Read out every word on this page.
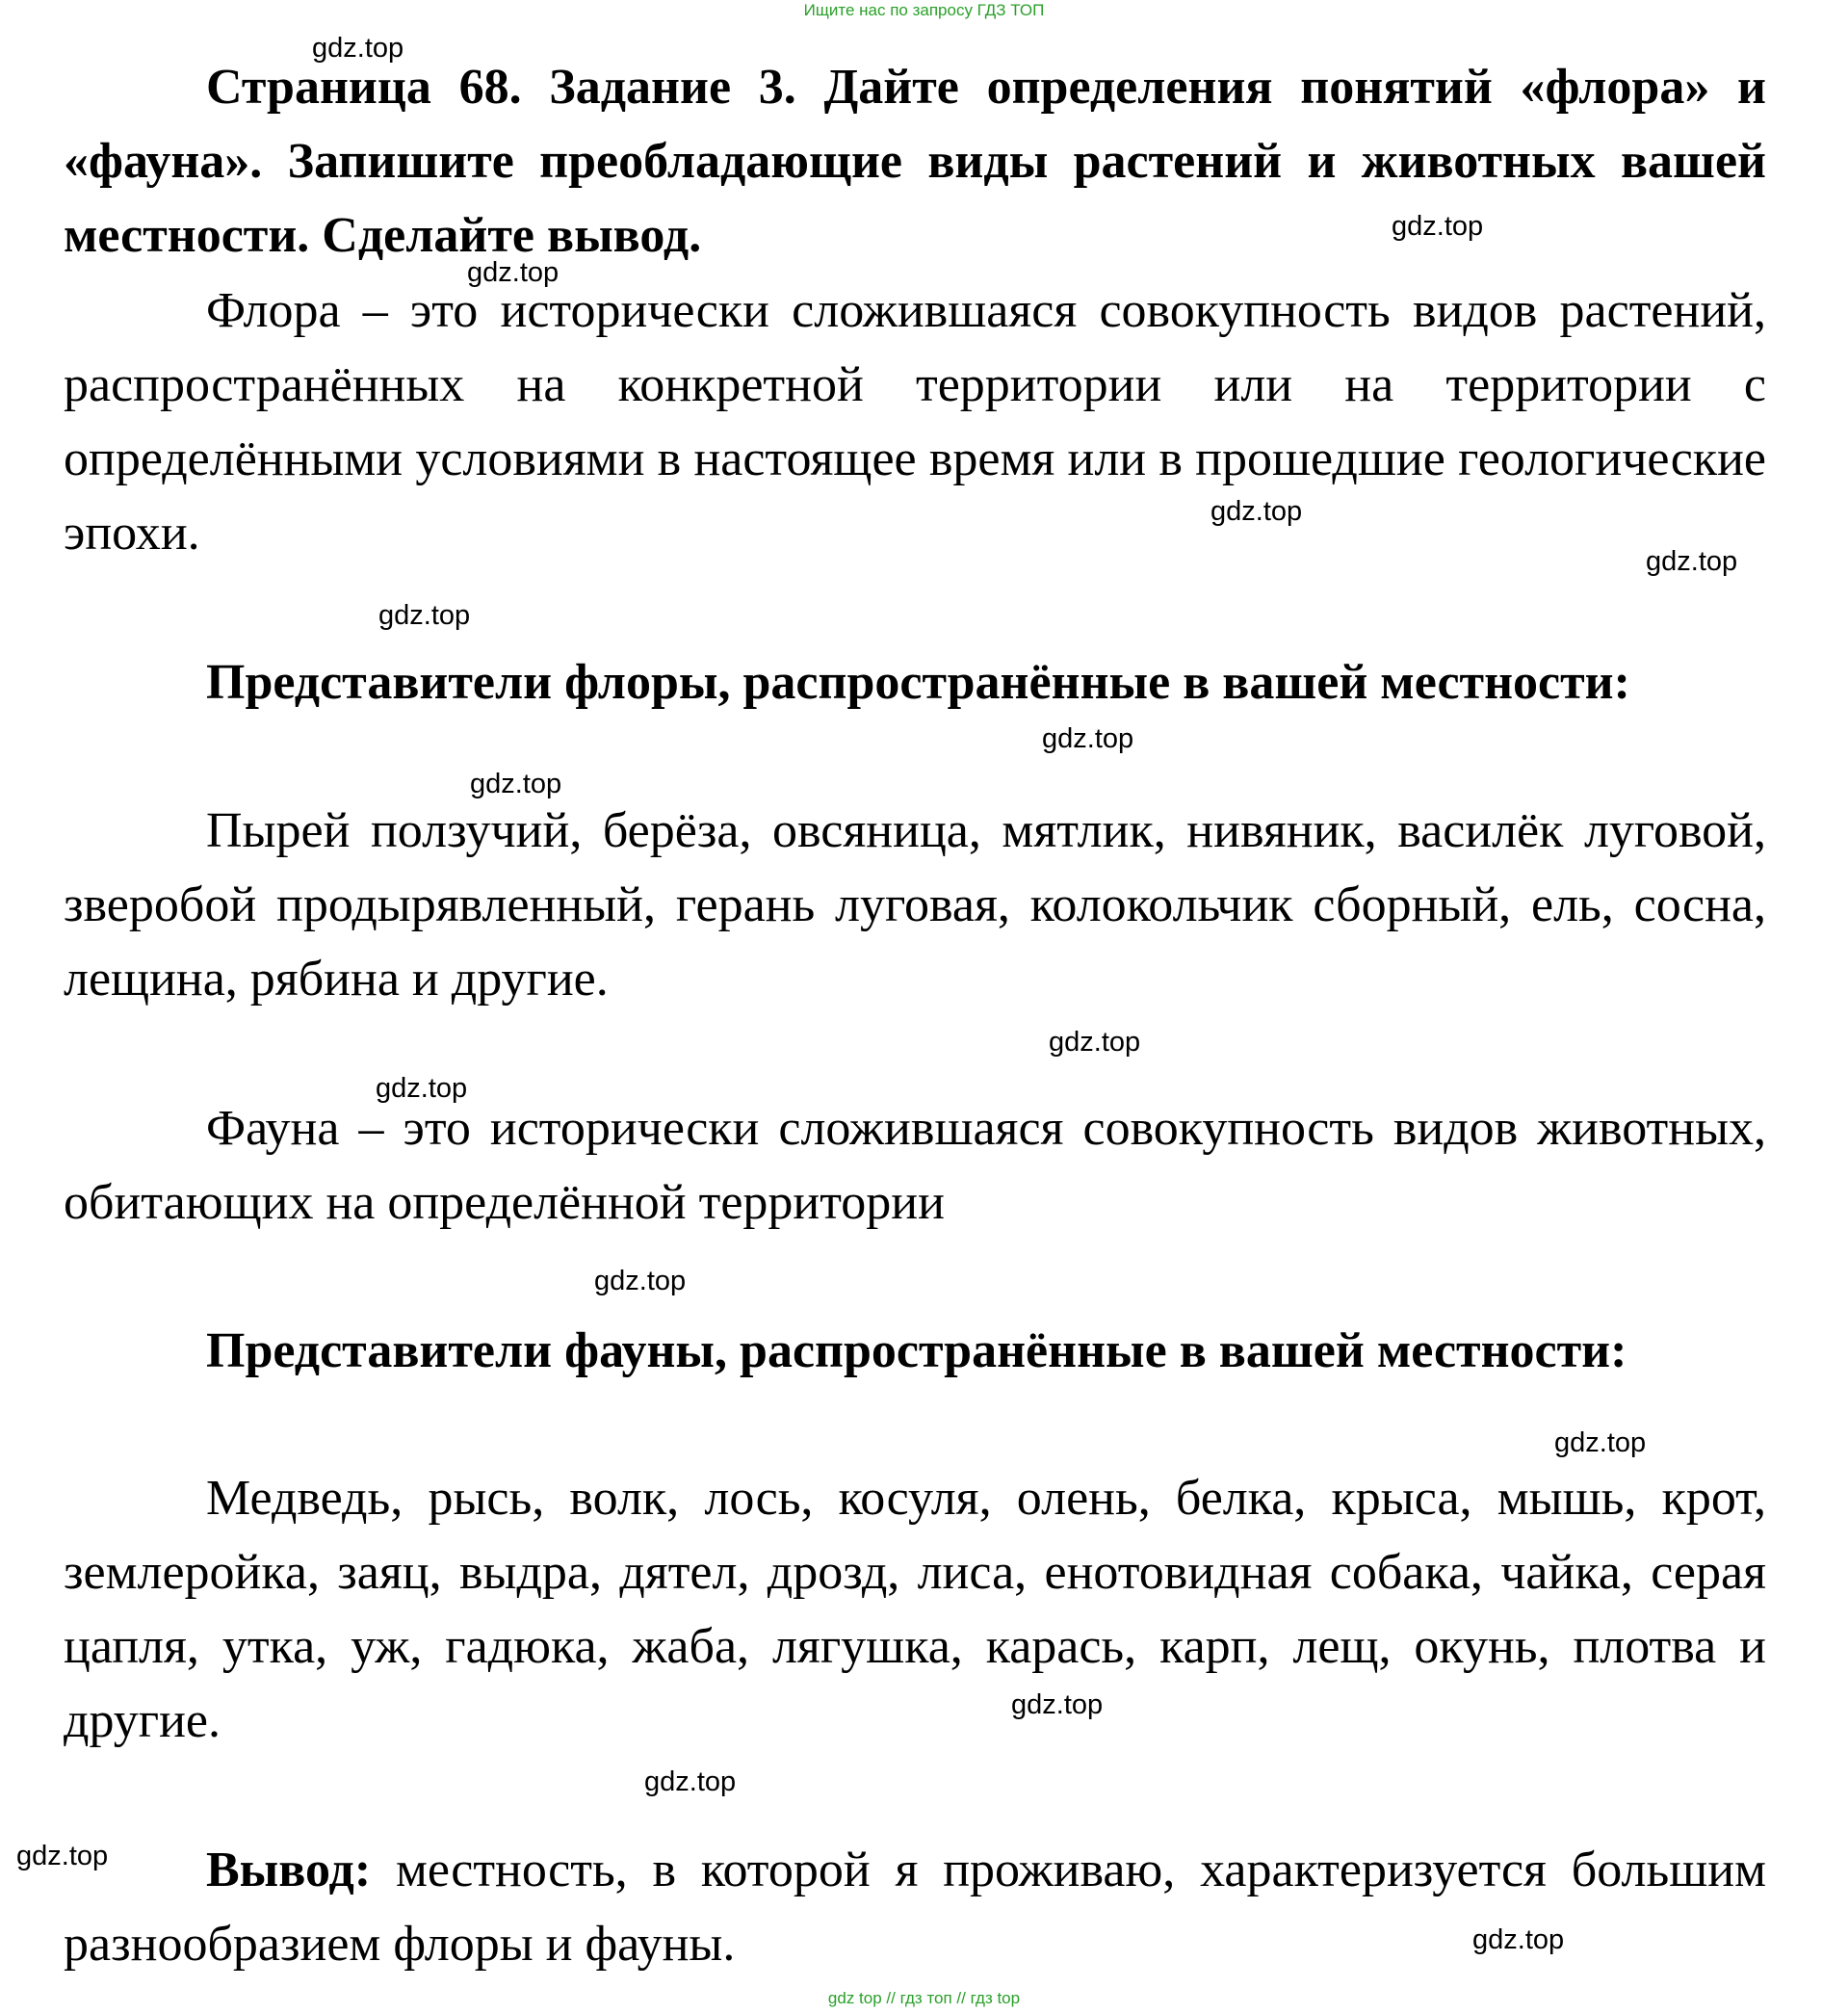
Ищите нас по запросу ГДЗ ТОП

Страница 68. Задание 3. Дайте определения понятий «флора» и «фауна». Запишите преобладающие виды растений и животных вашей местности. Сделайте вывод.

Флора – это исторически сложившаяся совокупность видов растений, распространённых на конкретной территории или на территории с определёнными условиями в настоящее время или в прошедшие геологические эпохи.

Представители флоры, распространённые в вашей местности:

Пырей ползучий, берёза, овсяница, мятлик, нивяник, василёк луговой, зверобой продырявленный, герань луговая, колокольчик сборный, ель, сосна, лещина, рябина и другие.

Фауна – это исторически сложившаяся совокупность видов животных, обитающих на определённой территории

Представители фауны, распространённые в вашей местности:

Медведь, рысь, волк, лось, косуля, олень, белка, крыса, мышь, крот, землеройка, заяц, выдра, дятел, дрозд, лиса, енотовидная собака, чайка, серая цапля, утка, уж, гадюка, жаба, лягушка, карась, карп, лещ, окунь, плотва и другие.

Вывод: местность, в которой я проживаю, характеризуется большим разнообразием флоры и фауны.

gdz.top
gdz.top
gdz.top
gdz.top
gdz.top
gdz.top
gdz.top
gdz.top
gdz.top
gdz.top
gdz.top
gdz.top
gdz.top
gdz.top
gdz.top
gdz.top
gdz top // гдз топ // гдз top
